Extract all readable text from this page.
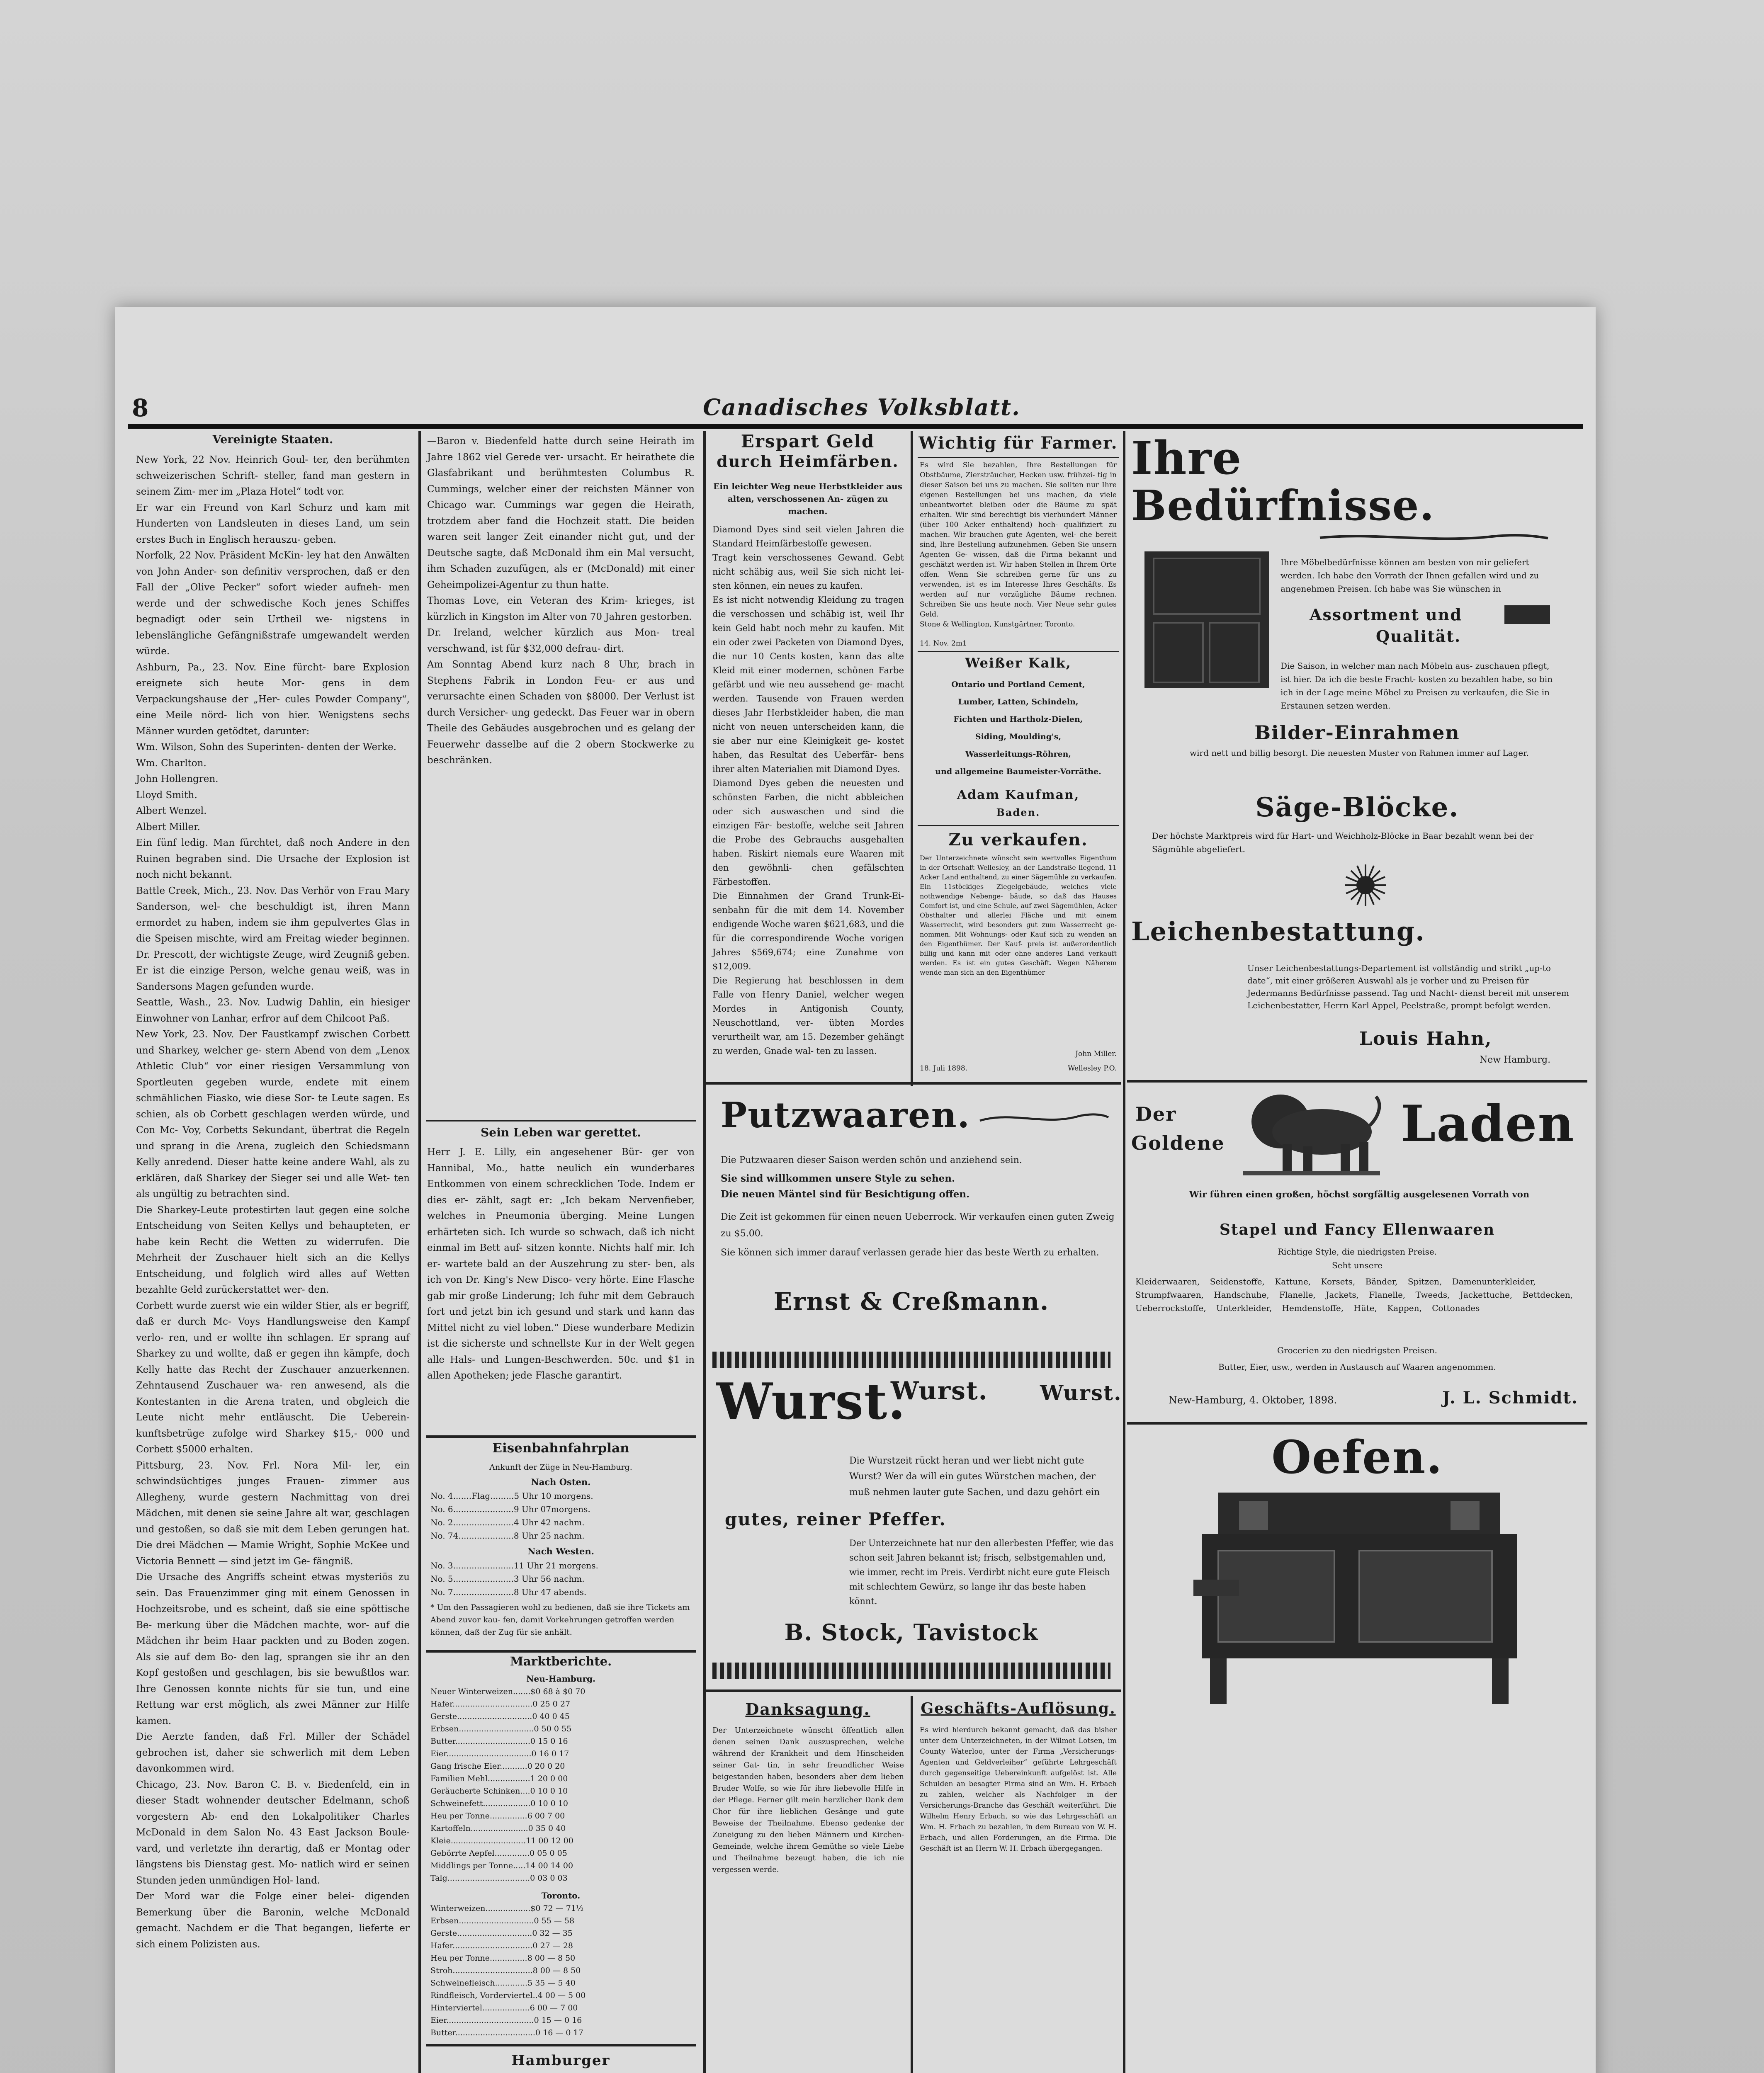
8	Canadisches Volksblatt.
Vereinigte Staaten.
New York, 22 Nov. Heinrich Goul- ter, den berühmten schweizerischen Schrift- steller, fand man gestern in seinem Zim- mer im „Plaza Hotel“ todt vor.
Er war ein Freund von Karl Schurz und kam mit Hunderten von Landsleuten in dieses Land, um sein erstes Buch in Englisch herauszu- geben.
Norfolk, 22 Nov. Präsident McKin- ley hat den Anwälten von John Ander- son definitiv versprochen, daß er den Fall der „Olive Pecker“ sofort wieder aufneh- men werde und der schwedische Koch jenes Schiffes begnadigt oder sein Urtheil we- nigstens in lebenslängliche Gefängnißstrafe umgewandelt werden würde.
Ashburn, Pa., 23. Nov. Eine fürcht- bare Explosion ereignete sich heute Mor- gens in dem Verpackungshause der „Her- cules Powder Company“, eine Meile nörd- lich von hier. Wenigstens sechs Männer wurden getödtet, darunter:
Wm. Wilson, Sohn des Superinten- denten der Werke.
Wm. Charlton.
John Hollengren.
Lloyd Smith.
Albert Wenzel.
Albert Miller.
Ein fünf ledig. Man fürchtet, daß noch Andere in den Ruinen begraben sind. Die Ursache der Explosion ist noch nicht bekannt.
Battle Creek, Mich., 23. Nov. Das Verhör von Frau Mary Sanderson, wel- che beschuldigt ist, ihren Mann ermordet zu haben, indem sie ihm gepulvertes Glas in die Speisen mischte, wird am Freitag wieder beginnen. Dr. Prescott, der wichtigste Zeuge, wird Zeugniß geben. Er ist die einzige Person, welche genau weiß, was in Sandersons Magen gefunden wurde.
Seattle, Wash., 23. Nov. Ludwig Dahlin, ein hiesiger Einwohner von Lanhar, erfror auf dem Chilcoot Paß.
New York, 23. Nov. Der Faustkampf zwischen Corbett und Sharkey, welcher ge- stern Abend von dem „Lenox Athletic Club“ vor einer riesigen Versammlung von Sportleuten gegeben wurde, endete mit einem schmählichen Fiasko, wie diese Sor- te Leute sagen. Es schien, als ob Corbett geschlagen werden würde, und Con Mc- Voy, Corbetts Sekundant, übertrat die Regeln und sprang in die Arena, zugleich den Schiedsmann Kelly anredend. Dieser hatte keine andere Wahl, als zu erklären, daß Sharkey der Sieger sei und alle Wet- ten als ungültig zu betrachten sind.
Die Sharkey-Leute protestirten laut gegen eine solche Entscheidung von Seiten Kellys und behaupteten, er habe kein Recht die Wetten zu widerrufen. Die Mehrheit der Zuschauer hielt sich an die Kellys Entscheidung, und folglich wird alles auf Wetten bezahlte Geld zurückerstattet wer- den.
Corbett wurde zuerst wie ein wilder Stier, als er begriff, daß er durch Mc- Voys Handlungsweise den Kampf verlo- ren, und er wollte ihn schlagen. Er sprang auf Sharkey zu und wollte, daß er gegen ihn kämpfe, doch Kelly hatte das Recht der Zuschauer anzuerkennen. Zehntausend Zuschauer wa- ren anwesend, als die Kontestanten in die Arena traten, und obgleich die Leute nicht mehr entläuscht. Die Ueberein- kunftsbetrüge zufolge wird Sharkey $15,- 000 und Corbett $5000 erhalten.
Pittsburg, 23. Nov. Frl. Nora Mil- ler, ein schwindsüchtiges junges Frauen- zimmer aus Allegheny, wurde gestern Nachmittag von drei Mädchen, mit denen sie seine Jahre alt war, geschlagen und gestoßen, so daß sie mit dem Leben gerungen hat. Die drei Mädchen — Mamie Wright, Sophie McKee und Victoria Bennett — sind jetzt im Ge- fängniß.
Die Ursache des Angriffs scheint etwas mysteriös zu sein. Das Frauenzimmer ging mit einem Genossen in Hochzeitsrobe, und es scheint, daß sie eine spöttische Be- merkung über die Mädchen machte, wor- auf die Mädchen ihr beim Haar packten und zu Boden zogen. Als sie auf dem Bo- den lag, sprangen sie ihr an den Kopf gestoßen und geschlagen, bis sie bewußtlos war. Ihre Genossen konnte nichts für sie tun, und eine Rettung war erst möglich, als zwei Männer zur Hilfe kamen.
Die Aerzte fanden, daß Frl. Miller der Schädel gebrochen ist, daher sie schwerlich mit dem Leben davonkommen wird.
Chicago, 23. Nov. Baron C. B. v. Biedenfeld, ein in dieser Stadt wohnender deutscher Edelmann, schoß vorgestern Ab- end den Lokalpolitiker Charles McDonald in dem Salon No. 43 East Jackson Boule- vard, und verletzte ihn derartig, daß er Montag oder längstens bis Dienstag gest. Mo- natlich wird er seinen Stunden jeden unmündigen Hol- land.
Der Mord war die Folge einer belei- digenden Bemerkung über die Baronin, welche McDonald gemacht. Nachdem er die That begangen, lieferte er sich einem Polizisten aus.
—Baron v. Biedenfeld hatte durch seine Heirath im Jahre 1862 viel Gerede ver- ursacht. Er heirathete die Glasfabrikant und berühmtesten Columbus R. Cummings, welcher einer der reichsten Männer von Chicago war. Cummings war gegen die Heirath, trotzdem aber fand die Hochzeit statt. Die beiden waren seit langer Zeit einander nicht gut, und der Deutsche sagte, daß McDonald ihm ein Mal versucht, ihm Schaden zuzufügen, als er (McDonald) mit einer Geheimpolizei-Agentur zu thun hatte.
Thomas Love, ein Veteran des Krim- krieges, ist kürzlich in Kingston im Alter von 70 Jahren gestorben.
Dr. Ireland, welcher kürzlich aus Mon- treal verschwand, ist für $32,000 defrau- dirt.
Am Sonntag Abend kurz nach 8 Uhr, brach in Stephens Fabrik in London Feu- er aus und verursachte einen Schaden von $8000. Der Verlust ist durch Versicher- ung gedeckt. Das Feuer war in obern Theile des Gebäudes ausgebrochen und es gelang der Feuerwehr dasselbe auf die 2 obern Stockwerke zu beschränken.
Sein Leben war gerettet.
Herr J. E. Lilly, ein angesehener Bür- ger von Hannibal, Mo., hatte neulich ein wunderbares Entkommen von einem schrecklichen Tode. Indem er dies er- zählt, sagt er: „Ich bekam Nervenfieber, welches in Pneumonia überging. Meine Lungen erhärteten sich. Ich wurde so schwach, daß ich nicht einmal im Bett auf- sitzen konnte. Nichts half mir. Ich er- wartete bald an der Auszehrung zu ster- ben, als ich von Dr. King's New Disco- very hörte. Eine Flasche gab mir große Linderung; Ich fuhr mit dem Gebrauch fort und jetzt bin ich gesund und stark und kann das Mittel nicht zu viel loben.“ Diese wunderbare Medizin ist die sicherste und schnellste Kur in der Welt gegen alle Hals- und Lungen-Beschwerden. 50c. und $1 in allen Apotheken; jede Flasche garantirt.
Eisenbahnfahrplan
Ankunft der Züge in Neu-Hamburg.
Nach Osten.
No. 4.......Flag.........5 Uhr 10 morgens.
No. 6.......................9 Uhr 07morgens.
No. 2.......................4 Uhr 42 nachm.
No. 74.....................8 Uhr 25 nachm.
Nach Westen.
No. 3.......................11 Uhr 21 morgens.
No. 5.......................3 Uhr 56 nachm.
No. 7.......................8 Uhr 47 abends.
* Um den Passagieren wohl zu bedienen, daß sie ihre Tickets am Abend zuvor kau- fen, damit Vorkehrungen getroffen werden können, daß der Zug für sie anhält.
Marktberichte.
Neu-Hamburg.
Neuer Winterweizen.......$0 68 à $0 70
Hafer................................0 25 0 27
Gerste..............................0 40 0 45
Erbsen..............................0 50 0 55
Butter..............................0 15 0 16
Eier..................................0 16 0 17
Gang frische Eier...........0 20 0 20
Familien Mehl.................1 20 0 00
Geräucherte Schinken....0 10 0 10
Schweinefett...................0 10 0 10
Heu per Tonne...............6 00 7 00
Kartoffeln.......................0 35 0 40
Kleie..............................11 00 12 00
Gebörrte Aepfel..............0 05 0 05
Middlings per Tonne.....14 00 14 00
Talg.................................0 03 0 03
Toronto.
Winterweizen..................$0 72 — 71½
Erbsen..............................0 55 — 58
Gerste..............................0 32 — 35
Hafer................................0 27 — 28
Heu per Tonne...............8 00 — 8 50
Stroh................................8 00 — 8 50
Schweinefleisch.............5 35 — 5 40
Rindfleisch, Vorderviertel..4 00 — 5 00
Hinterviertel...................6 00 — 7 00
Eier...................................0 15 — 0 16
Butter................................0 16 — 0 17
Hamburger
Erspart Geld
durch Heimfärben.
Ein leichter Weg neue Herbstkleider aus alten, verschossenen An- zügen zu machen.
Diamond Dyes sind seit vielen Jahren die Standard Heimfärbestoffe gewesen.
Tragt kein verschossenes Gewand. Gebt nicht schäbig aus, weil Sie sich nicht lei- sten können, ein neues zu kaufen.
Es ist nicht notwendig Kleidung zu tragen die verschossen und schäbig ist, weil Ihr kein Geld habt noch mehr zu kaufen. Mit ein oder zwei Packeten von Diamond Dyes, die nur 10 Cents kosten, kann das alte Kleid mit einer modernen, schönen Farbe gefärbt und wie neu aussehend ge- macht werden. Tausende von Frauen werden dieses Jahr Herbstkleider haben, die man nicht von neuen unterscheiden kann, die sie aber nur eine Kleinigkeit ge- kostet haben, das Resultat des Ueberfär- bens ihrer alten Materialien mit Diamond Dyes.
Diamond Dyes geben die neuesten und schönsten Farben, die nicht abbleichen oder sich auswaschen und sind die einzigen Fär- bestoffe, welche seit Jahren die Probe des Gebrauchs ausgehalten haben. Riskirt niemals eure Waaren mit den gewöhnli- chen gefälschten Färbestoffen.
Die Einnahmen der Grand Trunk-Ei- senbahn für die mit dem 14. November endigende Woche waren $621,683, und die für die correspondirende Woche vorigen Jahres $569,674; eine Zunahme von $12,009.
Die Regierung hat beschlossen in dem Falle von Henry Daniel, welcher wegen Mordes in Antigonish County, Neuschottland, ver- übten Mordes verurtheilt war, am 15. Dezember gehängt zu werden, Gnade wal- ten zu lassen.
Wichtig für Farmer.
Es wird Sie bezahlen, Ihre Bestellungen für Obstbäume, Ziersträucher, Hecken usw. frühzei- tig in dieser Saison bei uns zu machen. Sie sollten nur Ihre eigenen Bestellungen bei uns machen, da viele unbeantwortet bleiben oder die Bäume zu spät erhalten. Wir sind berechtigt bis vierhundert Männer (über 100 Acker enthaltend) hoch- qualifiziert zu machen. Wir brauchen gute Agenten, wel- che bereit sind, Ihre Bestellung aufzunehmen. Geben Sie unsern Agenten Ge- wissen, daß die Firma bekannt und geschätzt werden ist. Wir haben Stellen in Ihrem Orte offen. Wenn Sie schreiben gerne für uns zu verwenden, ist es im Interesse Ihres Geschäfts. Es werden auf nur vorzügliche Bäume rechnen. Schreiben Sie uns heute noch. Vier Neue sehr gutes Geld.
Stone & Wellington, Kunstgärtner, Toronto.
14. Nov. 2m1
Weißer Kalk,
Ontario und Portland Cement,
Lumber, Latten, Schindeln,
Fichten und Hartholz-Dielen,
Siding, Moulding's,
Wasserleitungs-Röhren,
und allgemeine Baumeister-Vorräthe.
Adam Kaufman,
Baden.
Zu verkaufen.
Der Unterzeichnete wünscht sein wertvolles Eigenthum in der Ortschaft Wellesley, an der Landstraße liegend, 11 Acker Land enthaltend, zu einer Sägemühle zu verkaufen. Ein 11stöckiges Ziegelgebäude, welches viele nothwendige Nebenge- bäude, so daß das Hauses Comfort ist, und eine Schule, auf zwei Sägemühlen, Acker Obsthalter und allerlei Fläche und mit einem Wasserrecht, wird besonders gut zum Wasserrecht ge- nommen. Mit Wohnungs- oder Kauf sich zu wenden an den Eigenthümer. Der Kauf- preis ist außerordentlich billig und kann mit oder ohne anderes Land verkauft werden. Es ist ein gutes Geschäft. Wegen Näherem wende man sich an den Eigenthümer
John Miller.
18. Juli 1898.	Wellesley P.O.
Putzwaaren.
Die Putzwaaren dieser Saison werden schön und anziehend sein.
Sie sind willkommen unsere Style zu sehen.
Die neuen Mäntel sind für Besichtigung offen.
Die Zeit ist gekommen für einen neuen Ueberrock. Wir verkaufen einen guten Zweig zu $5.00.
Sie können sich immer darauf verlassen gerade hier das beste Werth zu erhalten.
Ernst & Creßmann.
Wurst.
Wurst.	Wurst.
Die Wurstzeit rückt heran und wer liebt nicht gute Wurst? Wer da will ein gutes Würstchen machen, der muß nehmen lauter gute Sachen, und dazu gehört ein
gutes, reiner Pfeffer.
Der Unterzeichnete hat nur den allerbesten Pfeffer, wie das schon seit Jahren bekannt ist; frisch, selbstgemahlen und, wie immer, recht im Preis. Verdirbt nicht eure gute Fleisch mit schlechtem Gewürz, so lange ihr das beste haben könnt.
B. Stock, Tavistock
Danksagung.
Der Unterzeichnete wünscht öffentlich allen denen seinen Dank auszusprechen, welche während der Krankheit und dem Hinscheiden seiner Gat- tin, in sehr freundlicher Weise beigestanden haben, besonders aber dem lieben Bruder Wolfe, so wie für ihre liebevolle Hilfe in der Pflege. Ferner gilt mein herzlicher Dank dem Chor für ihre lieblichen Gesänge und gute Beweise der Theilnahme. Ebenso gedenke der Zuneigung zu den lieben Männern und Kirchen- Gemeinde, welche ihrem Gemüthe so viele Liebe und Theilnahme bezeugt haben, die ich nie vergessen werde.
Geschäfts-Auflösung.
Es wird hierdurch bekannt gemacht, daß das bisher unter dem Unterzeichneten, in der Wilmot Lotsen, im County Waterloo, unter der Firma „Versicherungs-Agenten und Geldverleiher“ geführte Lehrgeschäft durch gegenseitige Uebereinkunft aufgelöst ist. Alle Schulden an besagter Firma sind an Wm. H. Erbach zu zahlen, welcher als Nachfolger in der Versicherungs-Branche das Geschäft weiterführt. Die Wilhelm Henry Erbach, so wie das Lehrgeschäft an Wm. H. Erbach zu bezahlen, in dem Bureau von W. H. Erbach, und allen Forderungen, an die Firma. Die Geschäft ist an Herrn W. H. Erbach übergegangen.
Ihre
Bedürfnisse.
Ihre Möbelbedürfnisse können am besten von mir geliefert werden. Ich habe den Vorrath der Ihnen gefallen wird und zu angenehmen Preisen. Ich habe was Sie wünschen in
Assortment und
Qualität.
Die Saison, in welcher man nach Möbeln aus- zuschauen pflegt, ist hier. Da ich die beste Fracht- kosten zu bezahlen habe, so bin ich in der Lage meine Möbel zu Preisen zu verkaufen, die Sie in Erstaunen setzen werden.
Bilder-Einrahmen
wird nett und billig besorgt. Die neuesten Muster von Rahmen immer auf Lager.
Säge-Blöcke.
Der höchste Marktpreis wird für Hart- und Weichholz-Blöcke in Baar bezahlt wenn bei der Sägmühle abgeliefert.
Leichenbestattung.
Unser Leichenbestattungs-Departement ist vollständig und strikt „up-to date“, mit einer größeren Auswahl als je vorher und zu Preisen für Jedermanns Bedürfnisse passend. Tag und Nacht- dienst bereit mit unserem Leichenbestatter, Herrn Karl Appel, Peelstraße, prompt befolgt werden.
Louis Hahn,
New Hamburg.
Der
Goldene	Laden
Wir führen einen großen, höchst sorgfältig ausgelesenen Vorrath von
Stapel und Fancy Ellenwaaren
Richtige Style, die niedrigsten Preise.
Seht unsere
Kleiderwaaren, Seidenstoffe, Kattune, Korsets, Bänder, Spitzen, Damenunterkleider, Strumpfwaaren, Handschuhe, Flanelle, Jackets, Flanelle, Tweeds, Jackettuche, Bettdecken, Ueberrockstoffe, Unterkleider, Hemdenstoffe, Hüte, Kappen, Cottonades
Grocerien zu den niedrigsten Preisen.
Butter, Eier, usw., werden in Austausch auf Waaren angenommen.
New-Hamburg, 4. Oktober, 1898.	J. L. Schmidt.
Oefen.
